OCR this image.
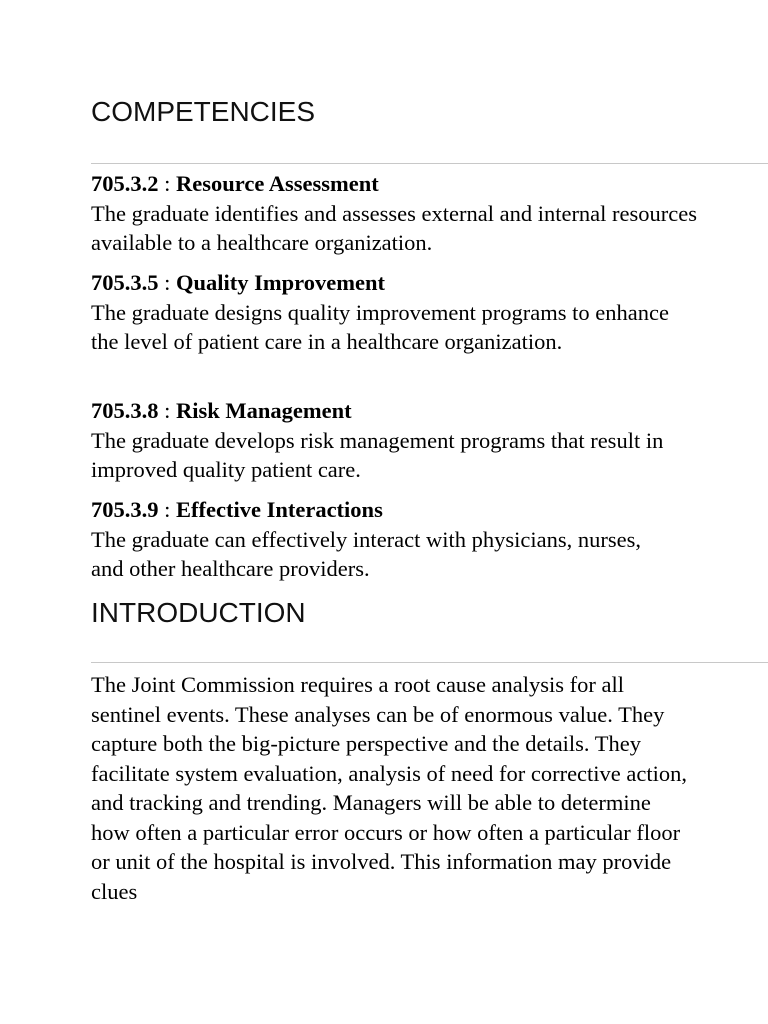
COMPETENCIES
705.3.2 : Resource Assessment
The graduate identifies and assesses external and internal resources available to a healthcare organization.
705.3.5 : Quality Improvement
The graduate designs quality improvement programs to enhance the level of patient care in a healthcare organization.
705.3.8 : Risk Management
The graduate develops risk management programs that result in improved quality patient care.
705.3.9 : Effective Interactions
The graduate can effectively interact with physicians, nurses, and other healthcare providers.
INTRODUCTION

The Joint Commission requires a root cause analysis for all sentinel events. These analyses can be of enormous value. They capture both the big-picture perspective and the details. They facilitate system evaluation, analysis of need for corrective action, and tracking and trending. Managers will be able to determine how often a particular error occurs or how often a particular floor or unit of the hospital is involved. This information may provide clues
